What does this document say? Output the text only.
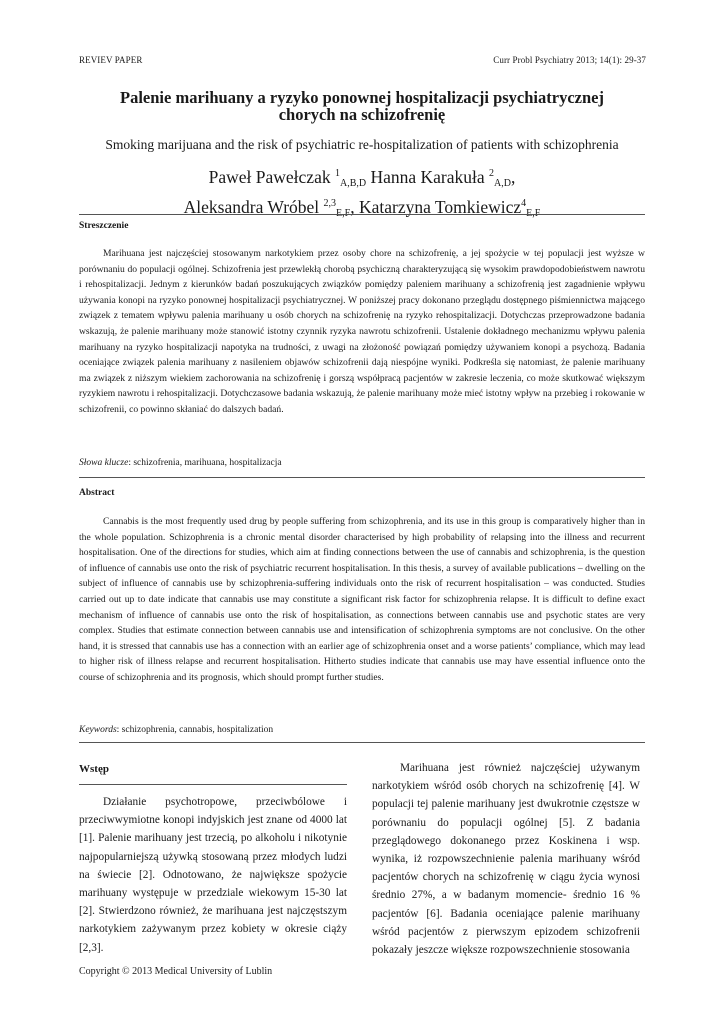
REVIEV PAPER	Curr Probl Psychiatry 2013; 14(1): 29-37
Palenie marihuany a ryzyko ponownej hospitalizacji psychiatrycznej
chorych na schizofrenię
Smoking marijuana and the risk of psychiatric re-hospitalization of patients with schizophrenia
Paweł Pawełczak $^1_{A,B,D}$ Hanna Karakuła $^2_{A,D}$,
Aleksandra Wróbel $^{2,3}_{E,F}$, Katarzyna Tomkiewicz$^4_{E,F}$
Streszczenie
Marihuana jest najczęściej stosowanym narkotykiem przez osoby chore na schizofrenię, a jej spożycie w tej populacji jest wyższe w porównaniu do populacji ogólnej. Schizofrenia jest przewlekłą chorobą psychiczną charakteryzującą się wysokim prawdopodobieństwem nawrotu i rehospitalizacji. Jednym z kierunków badań poszukujących związków pomiędzy paleniem marihuany a schizofrenią jest zagadnienie wpływu używania konopi na ryzyko ponownej hospitalizacji psychiatrycznej. W poniższej pracy dokonano przeglądu dostępnego piśmiennictwa mającego związek z tematem wpływu palenia marihuany u osób chorych na schizofrenię na ryzyko rehospitalizacji. Dotychczas przeprowadzone badania wskazują, że palenie marihuany może stanowić istotny czynnik ryzyka nawrotu schizofrenii. Ustalenie dokładnego mechanizmu wpływu palenia marihuany na ryzyko hospitalizacji napotyka na trudności, z uwagi na złożoność powiązań pomiędzy używaniem konopi a psychozą. Badania oceniające związek palenia marihuany z nasileniem objawów schizofrenii dają niespójne wyniki. Podkreśla się natomiast, że palenie marihuany ma związek z niższym wiekiem zachorowania na schizofrenię i gorszą współpracą pacjentów w zakresie leczenia, co może skutkować większym ryzykiem nawrotu i rehospitalizacji. Dotychczasowe badania wskazują, że palenie marihuany może mieć istotny wpływ na przebieg i rokowanie w schizofrenii, co powinno skłaniać do dalszych badań.
Słowa klucze: schizofrenia, marihuana, hospitalizacja
Abstract
Cannabis is the most frequently used drug by people suffering from schizophrenia, and its use in this group is comparatively higher than in the whole population. Schizophrenia is a chronic mental disorder characterised by high probability of relapsing into the illness and recurrent hospitalisation. One of the directions for studies, which aim at finding connections between the use of cannabis and schizophrenia, is the question of influence of cannabis use onto the risk of psychiatric recurrent hospitalisation. In this thesis, a survey of available publications – dwelling on the subject of influence of cannabis use by schizophrenia-suffering individuals onto the risk of recurrent hospitalisation – was conducted. Studies carried out up to date indicate that cannabis use may constitute a significant risk factor for schizophrenia relapse. It is difficult to define exact mechanism of influence of cannabis use onto the risk of hospitalisation, as connections between cannabis use and psychotic states are very complex. Studies that estimate connection between cannabis use and intensification of schizophrenia symptoms are not conclusive. On the other hand, it is stressed that cannabis use has a connection with an earlier age of schizophrenia onset and a worse patients’ compliance, which may lead to higher risk of illness relapse and recurrent hospitalisation. Hitherto studies indicate that cannabis use may have essential influence onto the course of schizophrenia and its prognosis, which should prompt further studies.
Keywords: schizophrenia, cannabis, hospitalization
Wstęp

Działanie psychotropowe, przeciwbólowe i przeciwwymiotne konopi indyjskich jest znane od 4000 lat [1]. Palenie marihuany jest trzecią, po alkoholu i nikotynie najpopularniejszą używką stosowaną przez młodych ludzi na świecie [2]. Odnotowano, że największe spożycie marihuany występuje w przedziale wiekowym 15-30 lat [2]. Stwierdzono również, że marihuana jest najczęstszym narkotykiem zażywanym przez kobiety w okresie ciąży [2,3].

Marihuana jest również najczęściej używanym narkotykiem wśród osób chorych na schizofrenię [4]. W populacji tej palenie marihuany jest dwukrotnie częstsze w porównaniu do populacji ogólnej [5]. Z badania przeglądowego dokonanego przez Koskinena i wsp. wynika, iż rozpowszechnienie palenia marihuany wśród pacjentów chorych na schizofrenię w ciągu życia wynosi średnio 27%, a w badanym momencie- średnio 16 % pacjentów [6]. Badania oceniające palenie marihuany wśród pacjentów z pierwszym epizodem schizofrenii pokazały jeszcze większe rozpowszechnienie stosowania
Copyright © 2013 Medical University of Lublin
